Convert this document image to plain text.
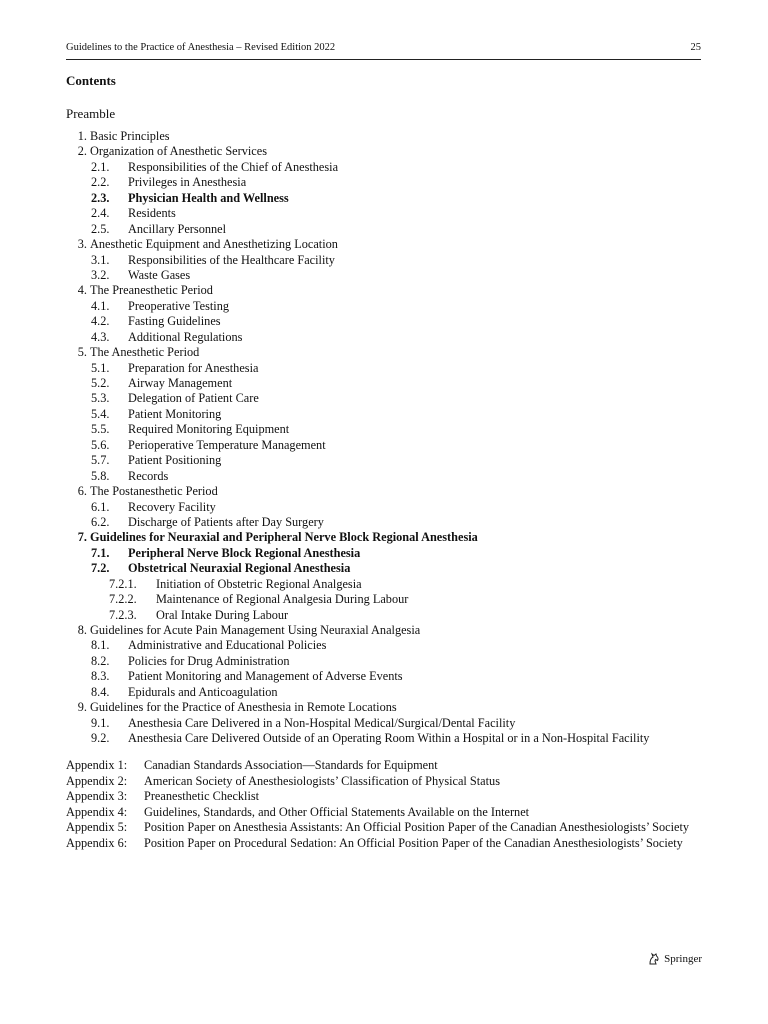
Guidelines to the Practice of Anesthesia – Revised Edition 2022	25
Contents
Preamble
1. Basic Principles
2. Organization of Anesthetic Services
2.1. Responsibilities of the Chief of Anesthesia
2.2. Privileges in Anesthesia
2.3. Physician Health and Wellness
2.4. Residents
2.5. Ancillary Personnel
3. Anesthetic Equipment and Anesthetizing Location
3.1. Responsibilities of the Healthcare Facility
3.2. Waste Gases
4. The Preanesthetic Period
4.1. Preoperative Testing
4.2. Fasting Guidelines
4.3. Additional Regulations
5. The Anesthetic Period
5.1. Preparation for Anesthesia
5.2. Airway Management
5.3. Delegation of Patient Care
5.4. Patient Monitoring
5.5. Required Monitoring Equipment
5.6. Perioperative Temperature Management
5.7. Patient Positioning
5.8. Records
6. The Postanesthetic Period
6.1. Recovery Facility
6.2. Discharge of Patients after Day Surgery
7. Guidelines for Neuraxial and Peripheral Nerve Block Regional Anesthesia
7.1. Peripheral Nerve Block Regional Anesthesia
7.2. Obstetrical Neuraxial Regional Anesthesia
7.2.1.	Initiation of Obstetric Regional Analgesia
7.2.2.	Maintenance of Regional Analgesia During Labour
7.2.3.	Oral Intake During Labour
8. Guidelines for Acute Pain Management Using Neuraxial Analgesia
8.1. Administrative and Educational Policies
8.2. Policies for Drug Administration
8.3. Patient Monitoring and Management of Adverse Events
8.4. Epidurals and Anticoagulation
9. Guidelines for the Practice of Anesthesia in Remote Locations
9.1. Anesthesia Care Delivered in a Non-Hospital Medical/Surgical/Dental Facility
9.2. Anesthesia Care Delivered Outside of an Operating Room Within a Hospital or in a Non-Hospital Facility
Appendix 1:	Canadian Standards Association—Standards for Equipment
Appendix 2:	American Society of Anesthesiologists’ Classification of Physical Status
Appendix 3:	Preanesthetic Checklist
Appendix 4:	Guidelines, Standards, and Other Official Statements Available on the Internet
Appendix 5:	Position Paper on Anesthesia Assistants: An Official Position Paper of the Canadian Anesthesiologists’ Society
Appendix 6:	Position Paper on Procedural Sedation: An Official Position Paper of the Canadian Anesthesiologists’ Society
Springer
